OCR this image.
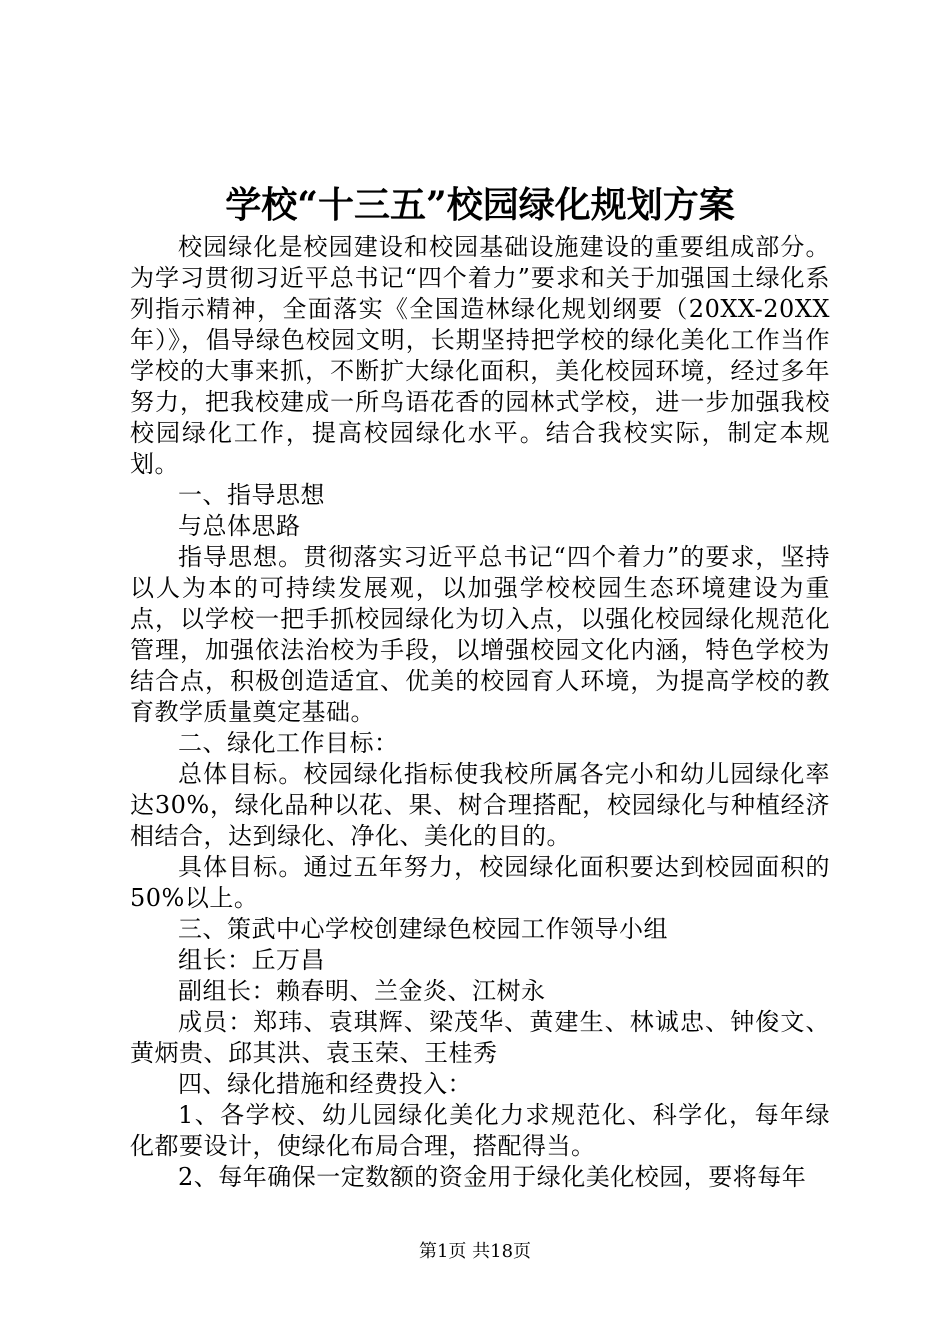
学校“十三五”校园绿化规划方案

校园绿化是校园建设和校园基础设施建设的重要组成部分。为学习贯彻习近平总书记“四个着力”要求和关于加强国土绿化系列指示精神，全面落实《全国造林绿化规划纲要（20XX-20XX年）》，倡导绿色校园文明，长期坚持把学校的绿化美化工作当作学校的大事来抓，不断扩大绿化面积，美化校园环境，经过多年努力，把我校建成一所鸟语花香的园林式学校，进一步加强我校校园绿化工作，提高校园绿化水平。结合我校实际，制定本规划。

一、指导思想

与总体思路

指导思想。贯彻落实习近平总书记“四个着力”的要求，坚持以人为本的可持续发展观，以加强学校校园生态环境建设为重点，以学校一把手抓校园绿化为切入点，以强化校园绿化规范化管理，加强依法治校为手段，以增强校园文化内涵，特色学校为结合点，积极创造适宜、优美的校园育人环境，为提高学校的教育教学质量奠定基础。

二、绿化工作目标：

总体目标。校园绿化指标使我校所属各完小和幼儿园绿化率达30%，绿化品种以花、果、树合理搭配，校园绿化与种植经济相结合，达到绿化、净化、美化的目的。

具体目标。通过五年努力，校园绿化面积要达到校园面积的50%以上。

三、策武中心学校创建绿色校园工作领导小组

组长：丘万昌

副组长：赖春明、兰金炎、江树永

成员：郑玮、袁琪辉、梁茂华、黄建生、林诚忠、钟俊文、黄炳贵、邱其洪、袁玉荣、王桂秀

四、绿化措施和经费投入：

1、各学校、幼儿园绿化美化力求规范化、科学化，每年绿化都要设计，使绿化布局合理，搭配得当。

2、每年确保一定数额的资金用于绿化美化校园，要将每年

第1页 共18页
